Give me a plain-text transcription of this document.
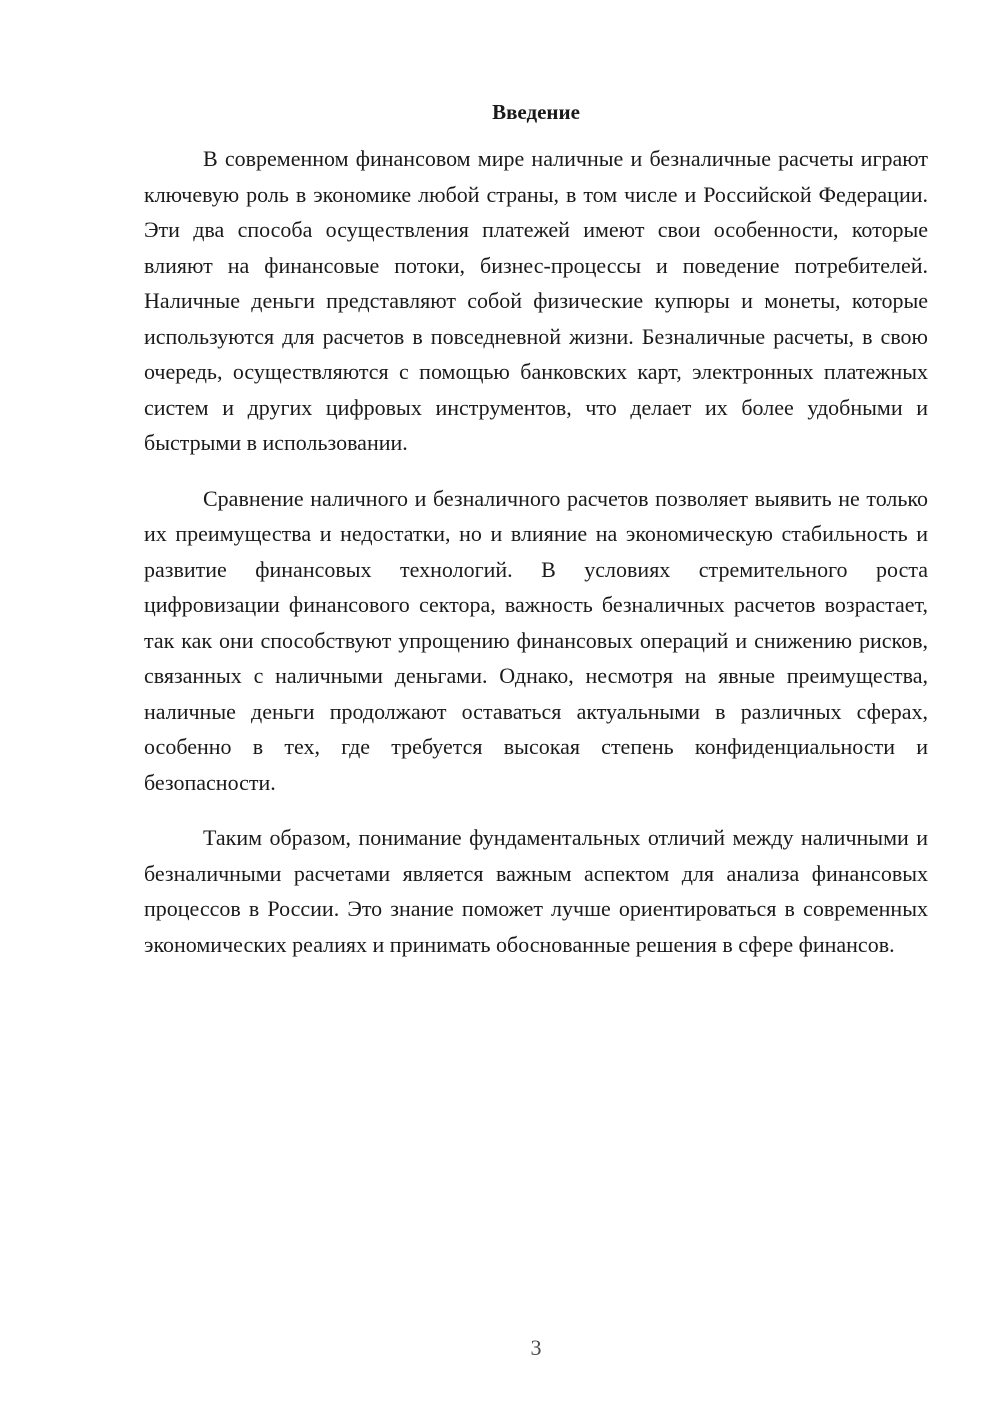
Введение

В современном финансовом мире наличные и безналичные расчеты играют ключевую роль в экономике любой страны, в том числе и Российской Федерации. Эти два способа осуществления платежей имеют свои особенности, которые влияют на финансовые потоки, бизнес-процессы и поведение потребителей. Наличные деньги представляют собой физические купюры и монеты, которые используются для расчетов в повседневной жизни. Безналичные расчеты, в свою очередь, осуществляются с помощью банковских карт, электронных платежных систем и других цифровых инструментов, что делает их более удобными и быстрыми в использовании.

Сравнение наличного и безналичного расчетов позволяет выявить не только их преимущества и недостатки, но и влияние на экономическую стабильность и развитие финансовых технологий. В условиях стремительного роста цифровизации финансового сектора, важность безналичных расчетов возрастает, так как они способствуют упрощению финансовых операций и снижению рисков, связанных с наличными деньгами. Однако, несмотря на явные преимущества, наличные деньги продолжают оставаться актуальными в различных сферах, особенно в тех, где требуется высокая степень конфиденциальности и безопасности.

Таким образом, понимание фундаментальных отличий между наличными и безналичными расчетами является важным аспектом для анализа финансовых процессов в России. Это знание поможет лучше ориентироваться в современных экономических реалиях и принимать обоснованные решения в сфере финансов.

3
